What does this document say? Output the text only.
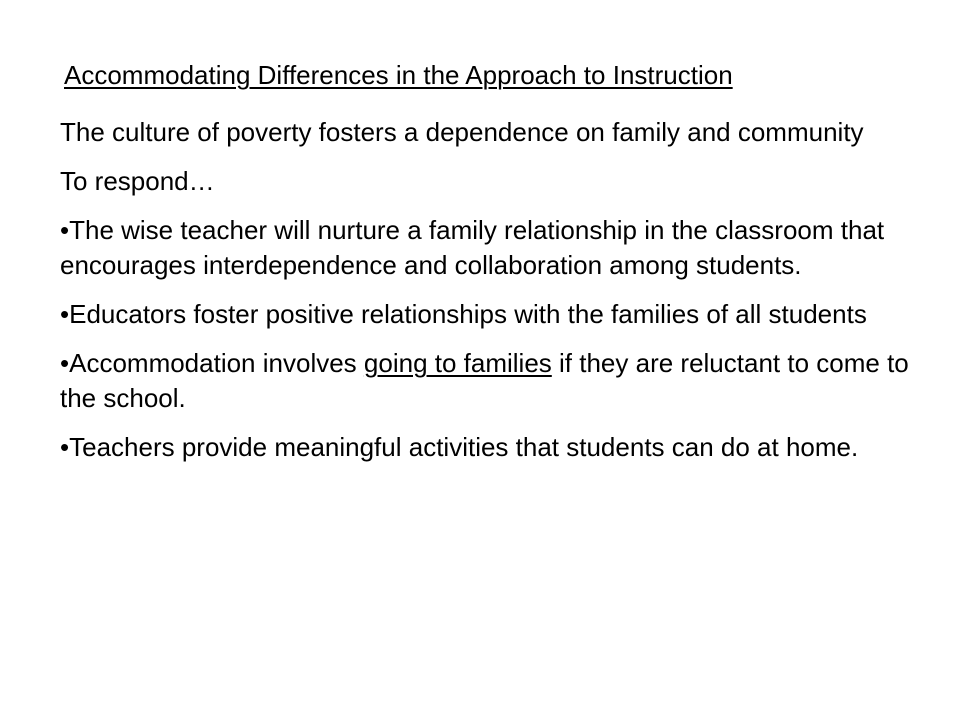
Accommodating Differences in the Approach to Instruction

The culture of poverty fosters a dependence on family and community

To respond…

•The wise teacher will nurture a family relationship in the classroom that encourages interdependence and collaboration among students.

•Educators foster positive relationships with the families of all students

•Accommodation involves going to families if they are reluctant to come to the school.

•Teachers provide meaningful activities that students can do at home.
